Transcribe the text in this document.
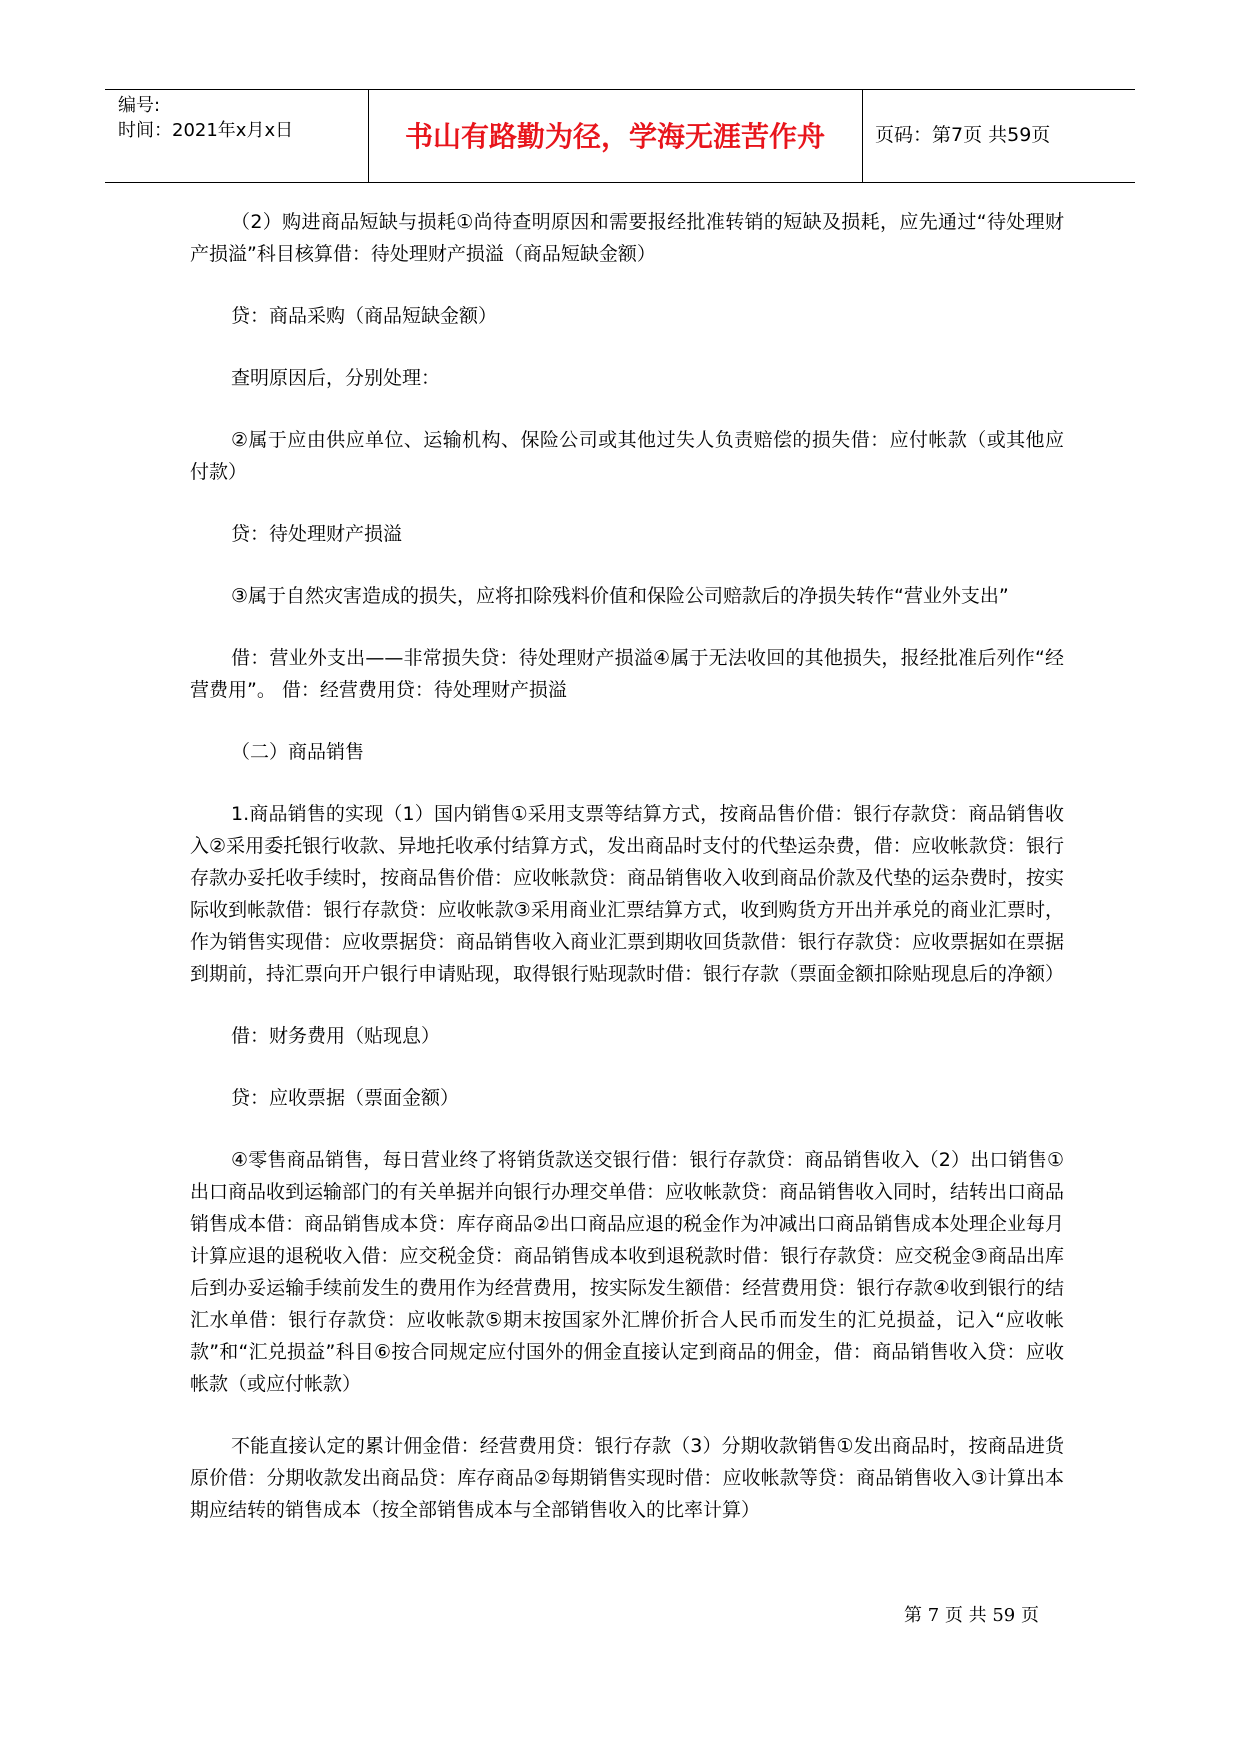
编号:
时间：2021年x月x日	书山有路勤为径，学海无涯苦作舟	页码：第7页 共59页

（2）购进商品短缺与损耗①尚待查明原因和需要报经批准转销的短缺及损耗，应先通过“待处理财产损溢”科目核算借：待处理财产损溢（商品短缺金额）

贷：商品采购（商品短缺金额）

查明原因后，分别处理：

②属于应由供应单位、运输机构、保险公司或其他过失人负责赔偿的损失借：应付帐款（或其他应付款）

贷：待处理财产损溢

③属于自然灾害造成的损失，应将扣除残料价值和保险公司赔款后的净损失转作“营业外支出”

借：营业外支出——非常损失贷：待处理财产损溢④属于无法收回的其他损失，报经批准后列作“经营费用”。 借：经营费用贷：待处理财产损溢

（二）商品销售

1.商品销售的实现（1）国内销售①采用支票等结算方式，按商品售价借：银行存款贷：商品销售收入②采用委托银行收款、异地托收承付结算方式，发出商品时支付的代垫运杂费，借：应收帐款贷：银行存款办妥托收手续时，按商品售价借：应收帐款贷：商品销售收入收到商品价款及代垫的运杂费时，按实际收到帐款借：银行存款贷：应收帐款③采用商业汇票结算方式，收到购货方开出并承兑的商业汇票时，作为销售实现借：应收票据贷：商品销售收入商业汇票到期收回货款借：银行存款贷：应收票据如在票据到期前，持汇票向开户银行申请贴现，取得银行贴现款时借：银行存款（票面金额扣除贴现息后的净额）

借：财务费用（贴现息）

贷：应收票据（票面金额）

④零售商品销售，每日营业终了将销货款送交银行借：银行存款贷：商品销售收入（2）出口销售①出口商品收到运输部门的有关单据并向银行办理交单借：应收帐款贷：商品销售收入同时，结转出口商品销售成本借：商品销售成本贷：库存商品②出口商品应退的税金作为冲减出口商品销售成本处理企业每月计算应退的退税收入借：应交税金贷：商品销售成本收到退税款时借：银行存款贷：应交税金③商品出库后到办妥运输手续前发生的费用作为经营费用，按实际发生额借：经营费用贷：银行存款④收到银行的结汇水单借：银行存款贷：应收帐款⑤期末按国家外汇牌价折合人民币而发生的汇兑损益，记入“应收帐款”和“汇兑损益”科目⑥按合同规定应付国外的佣金直接认定到商品的佣金，借：商品销售收入贷：应收帐款（或应付帐款）

不能直接认定的累计佣金借：经营费用贷：银行存款（3）分期收款销售①发出商品时，按商品进货原价借：分期收款发出商品贷：库存商品②每期销售实现时借：应收帐款等贷：商品销售收入③计算出本期应结转的销售成本（按全部销售成本与全部销售收入的比率计算）

第 7 页 共 59 页
